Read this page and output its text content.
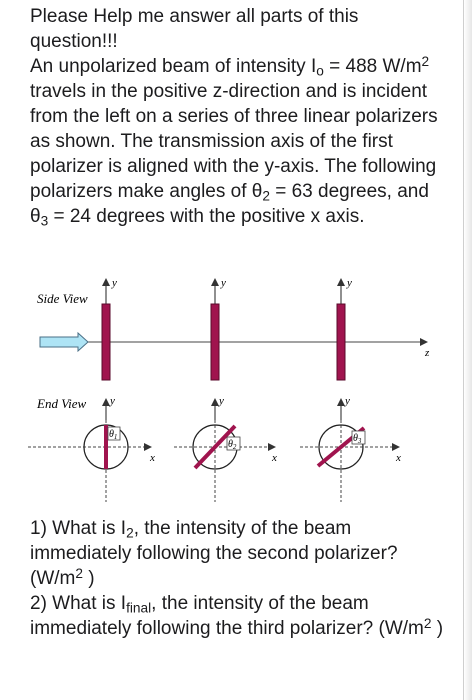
Please Help me answer all parts of this question!!!
An unpolarized beam of intensity $I_o = 488$ $W/m^2$ travels in the positive z-direction and is incident from the left on a series of three linear polarizers as shown. The transmission axis of the first polarizer is aligned with the y-axis. The following polarizers make angles of $\theta_2 = 63$ degrees, and $\theta_3 = 24$ degrees with the positive x axis.
Side View
z
y	y	y
End View y
x
$\theta_1$
y
x
$\theta_2$
y
x
$\theta_3$
1) What is $I_2$, the intensity of the beam immediately following the second polarizer? ($W/m^2$ )
2) What is $I_{final}$, the intensity of the beam immediately following the third polarizer? ($W/m^2$ )
